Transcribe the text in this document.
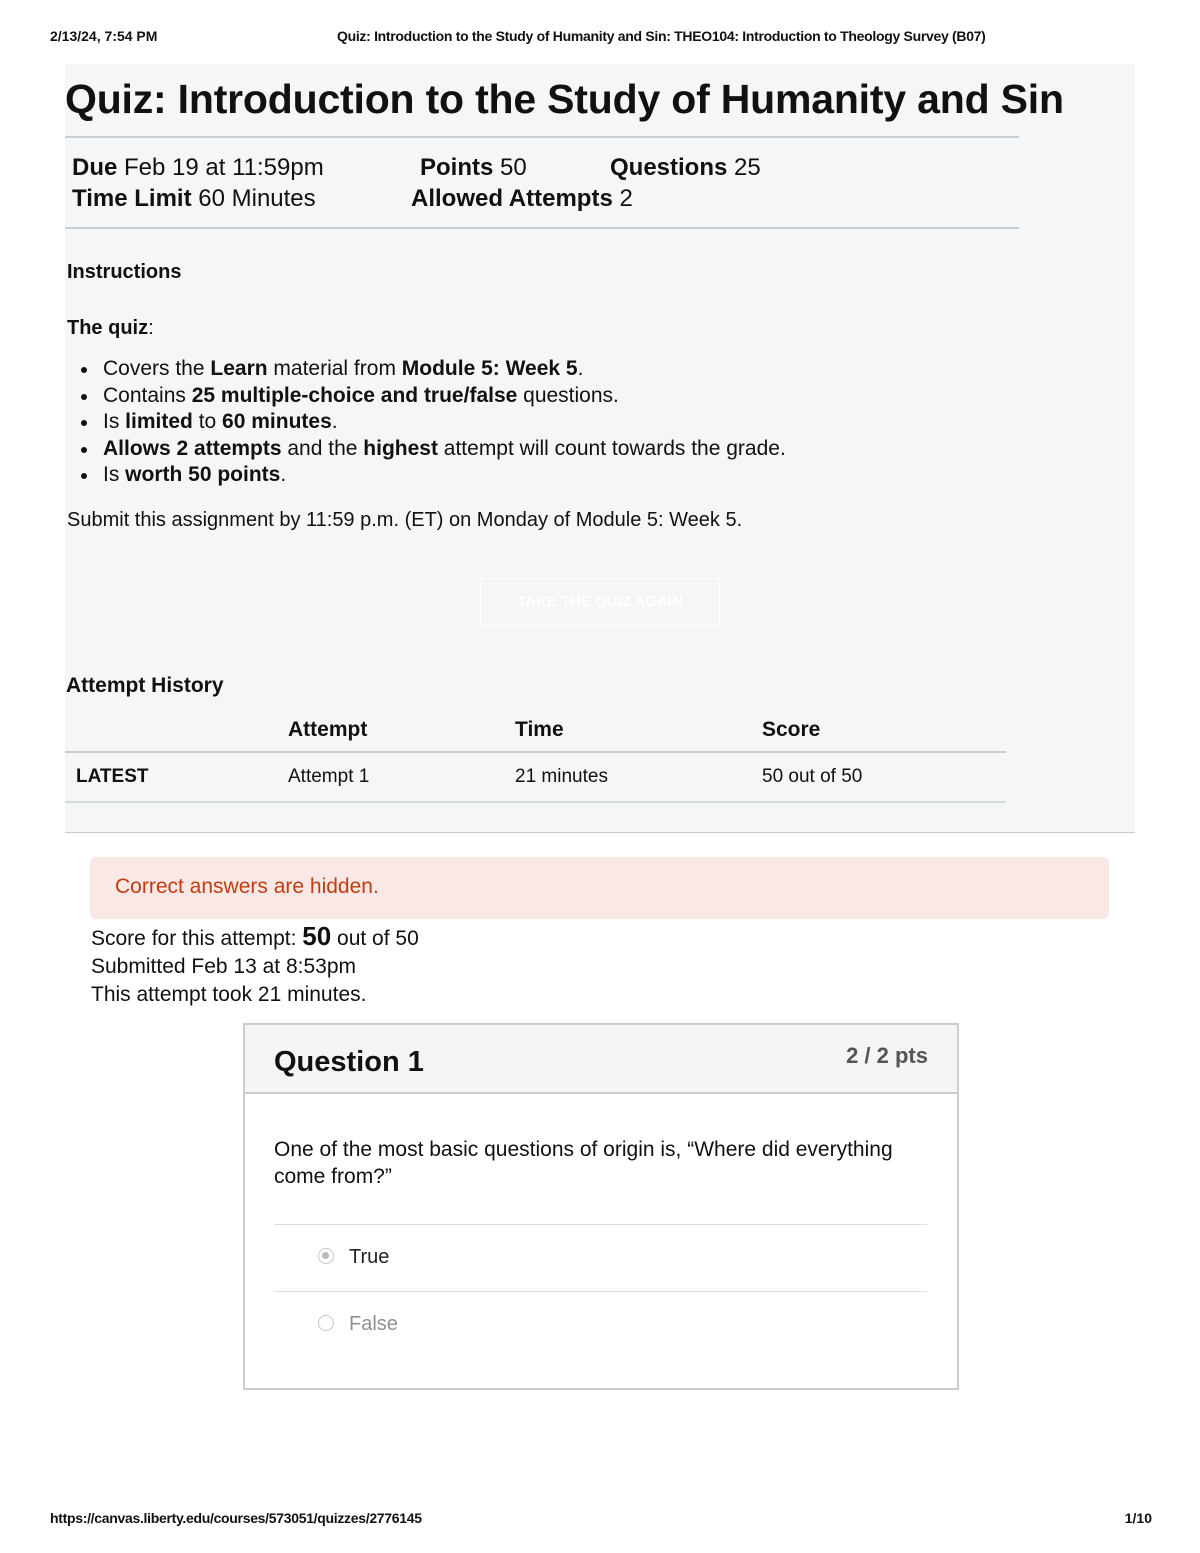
2/13/24, 7:54 PM	Quiz: Introduction to the Study of Humanity and Sin: THEO104: Introduction to Theology Survey (B07)
Quiz: Introduction to the Study of Humanity and Sin
Due Feb 19 at 11:59pm	Points 50	Questions 25
Time Limit 60 Minutes	Allowed Attempts 2
Instructions
The quiz:
Covers the Learn material from Module 5: Week 5.
Contains 25 multiple-choice and true/false questions.
Is limited to 60 minutes.
Allows 2 attempts and the highest attempt will count towards the grade.
Is worth 50 points.
Submit this assignment by 11:59 p.m. (ET) on Monday of Module 5: Week 5.
TAKE THE QUIZ AGAIN
Attempt History
	Attempt	Time	Score
LATEST	Attempt 1	21 minutes	50 out of 50
Correct answers are hidden.
Score for this attempt: 50 out of 50
Submitted Feb 13 at 8:53pm
This attempt took 21 minutes.
Question 1	2 / 2 pts
One of the most basic questions of origin is, “Where did everything come from?”
True
False
https://canvas.liberty.edu/courses/573051/quizzes/2776145	1/10
